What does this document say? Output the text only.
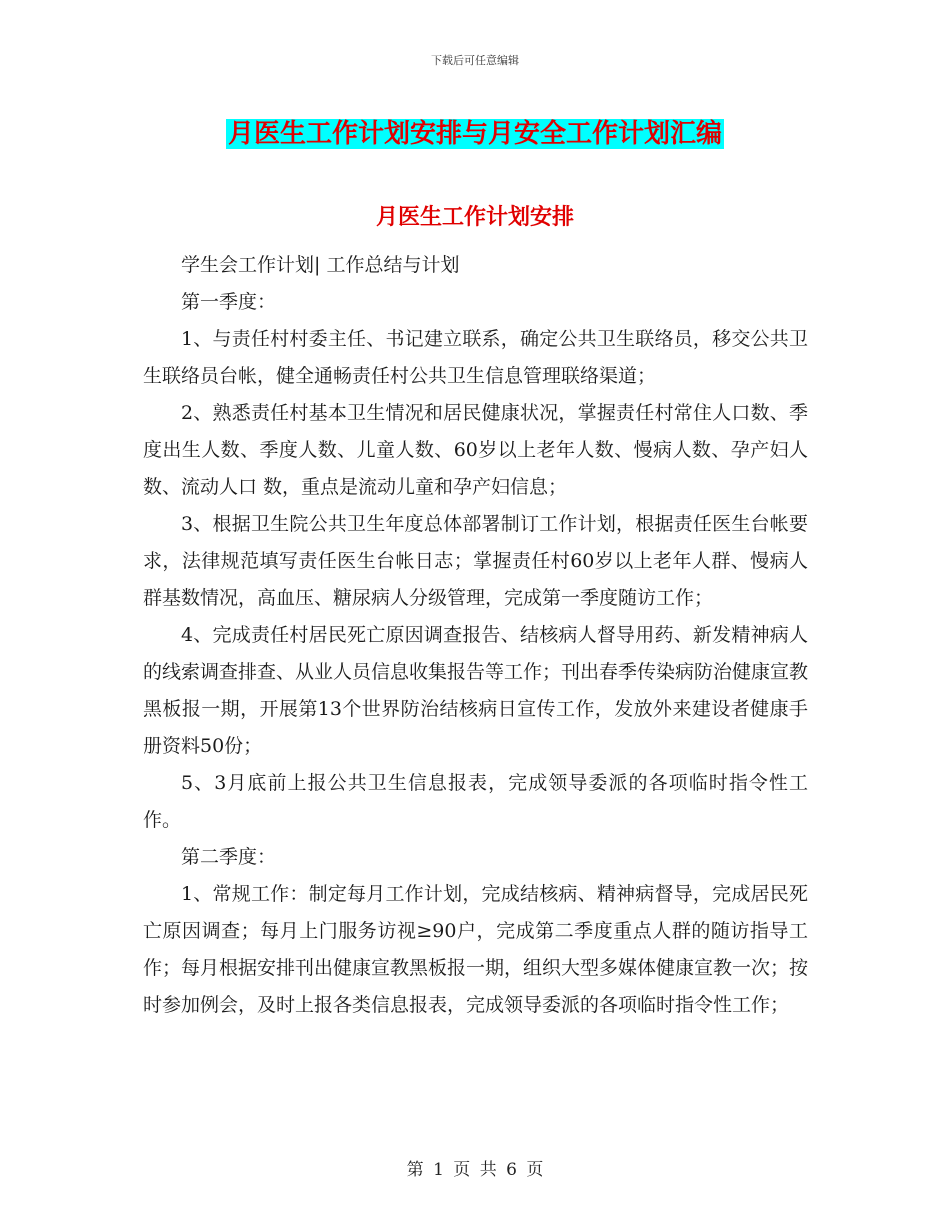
下载后可任意编辑
月医生工作计划安排与月安全工作计划汇编
月医生工作计划安排

学生会工作计划| 工作总结与计划

第一季度：

1、与责任村村委主任、书记建立联系，确定公共卫生联络员，移交公共卫生联络员台帐，健全通畅责任村公共卫生信息管理联络渠道；

2、熟悉责任村基本卫生情况和居民健康状况，掌握责任村常住人口数、季度出生人数、季度人数、儿童人数、60岁以上老年人数、慢病人数、孕产妇人数、流动人口 数，重点是流动儿童和孕产妇信息；

3、根据卫生院公共卫生年度总体部署制订工作计划，根据责任医生台帐要求，法律规范填写责任医生台帐日志；掌握责任村60岁以上老年人群、慢病人群基数情况，高血压、糖尿病人分级管理，完成第一季度随访工作；

4、完成责任村居民死亡原因调查报告、结核病人督导用药、新发精神病人的线索调查排查、从业人员信息收集报告等工作；刊出春季传染病防治健康宣教黑板报一期，开展第13个世界防治结核病日宣传工作，发放外来建设者健康手册资料50份；

5、3月底前上报公共卫生信息报表，完成领导委派的各项临时指令性工作。

第二季度：

1、常规工作：制定每月工作计划，完成结核病、精神病督导，完成居民死亡原因调查；每月上门服务访视≥90户，完成第二季度重点人群的随访指导工作；每月根据安排刊出健康宣教黑板报一期，组织大型多媒体健康宣教一次；按时参加例会，及时上报各类信息报表，完成领导委派的各项临时指令性工作；

第 1 页 共 6 页
